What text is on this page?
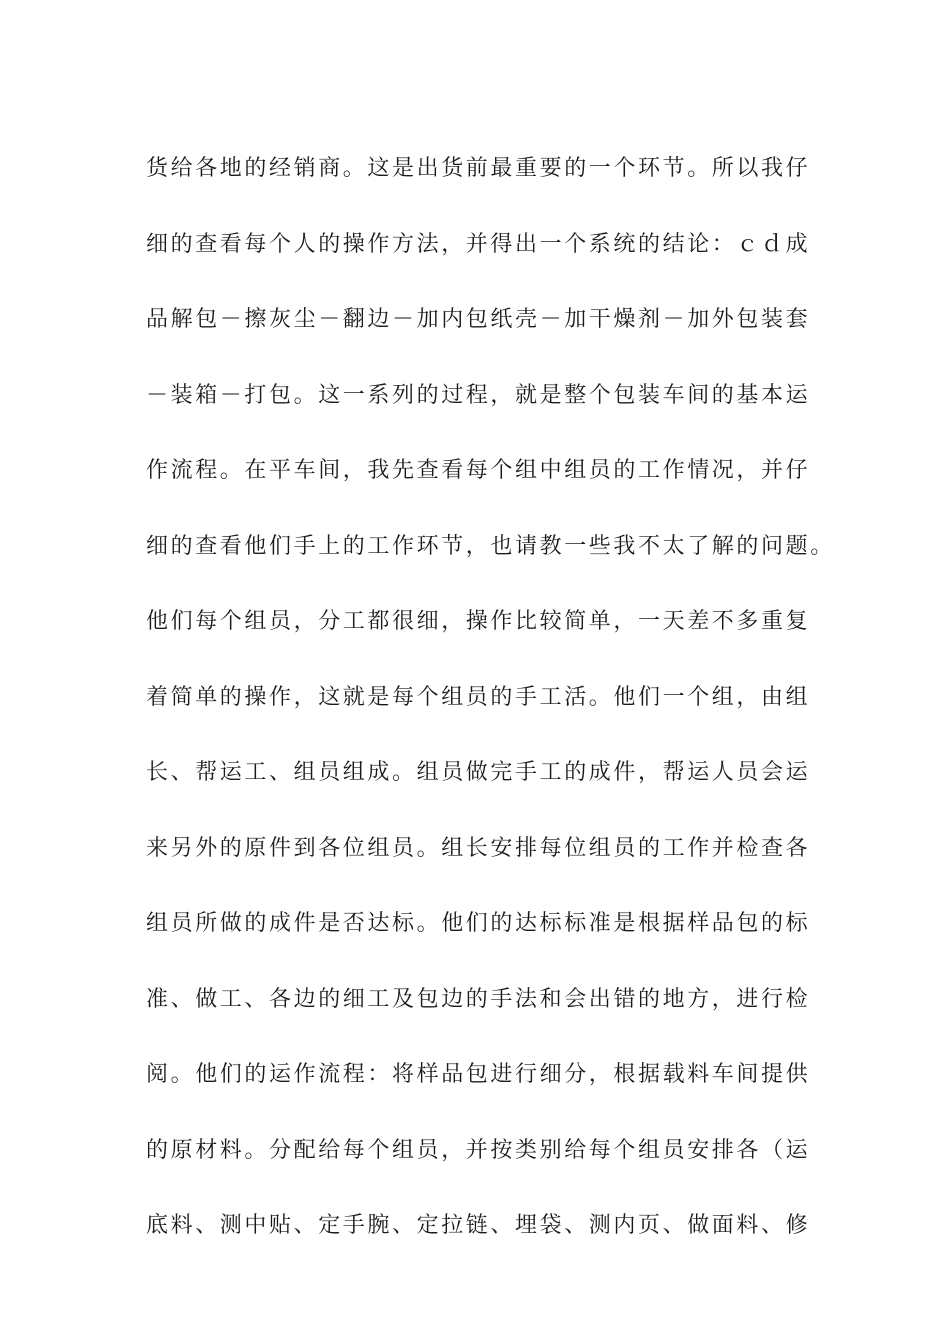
货给各地的经销商。这是出货前最重要的一个环节。所以我仔
细的查看每个人的操作方法，并得出一个系统的结论：ｃｄ成
品解包－擦灰尘－翻边－加内包纸壳－加干燥剂－加外包装套
－装箱－打包。这一系列的过程，就是整个包装车间的基本运
作流程。在平车间，我先查看每个组中组员的工作情况，并仔
细的查看他们手上的工作环节，也请教一些我不太了解的问题。
他们每个组员，分工都很细，操作比较简单，一天差不多重复
着简单的操作，这就是每个组员的手工活。他们一个组，由组
长、帮运工、组员组成。组员做完手工的成件，帮运人员会运
来另外的原件到各位组员。组长安排每位组员的工作并检查各
组员所做的成件是否达标。他们的达标标准是根据样品包的标
准、做工、各边的细工及包边的手法和会出错的地方，进行检
阅。他们的运作流程：将样品包进行细分，根据载料车间提供
的原材料。分配给每个组员，并按类别给每个组员安排各（运
底料、测中贴、定手腕、定拉链、埋袋、测内页、做面料、修
